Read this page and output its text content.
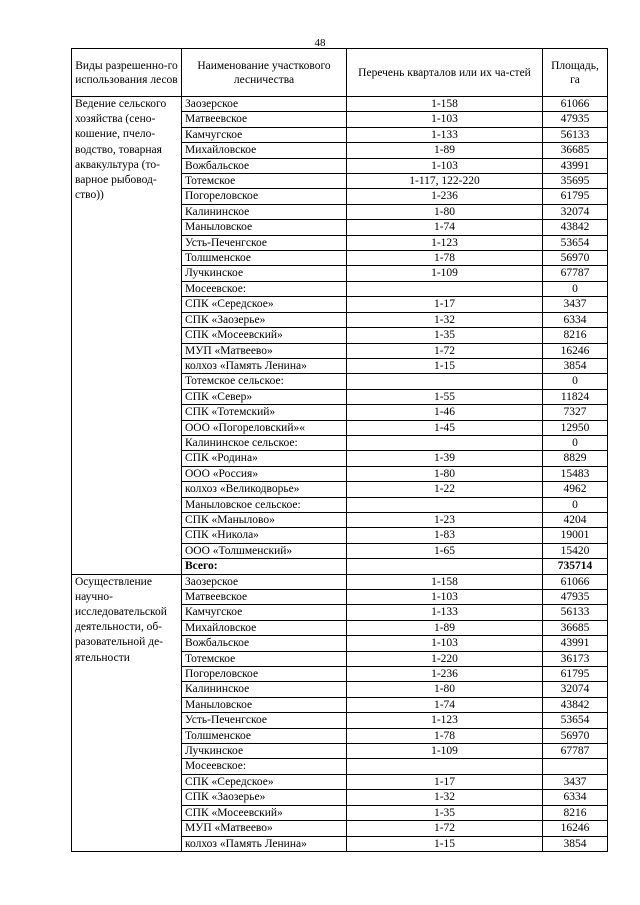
48
Виды разрешенно-го использования лесов	Наименование участкового лесничества	Перечень кварталов или их ча-стей	Площадь, га
Ведение сельского хозяйства (сено-кошение, пчело-водство, товарная аквакультура (то-варное рыбовод-ство))	Заозерское	1-158	61066
	Матвеевское	1-103	47935
	Камчугское	1-133	56133
	Михайловское	1-89	36685
	Вожбальское	1-103	43991
	Тотемское	1-117, 122-220	35695
	Погореловское	1-236	61795
	Калининское	1-80	32074
	Маныловское	1-74	43842
	Усть-Печенгское	1-123	53654
	Толшменское	1-78	56970
	Лучкинское	1-109	67787
	Мосеевское:		0
	СПК «Середское»	1-17	3437
	СПК «Заозерье»	1-32	6334
	СПК «Мосеевский»	1-35	8216
	МУП «Матвеево»	1-72	16246
	колхоз «Память Ленина»	1-15	3854
	Тотемское сельское:		0
	СПК «Север»	1-55	11824
	СПК «Тотемский»	1-46	7327
	ООО «Погореловский»«	1-45	12950
	Калининское сельское:		0
	СПК «Родина»	1-39	8829
	ООО «Россия»	1-80	15483
	колхоз «Великодворье»	1-22	4962
	Маныловское сельское:		0
	СПК «Манылово»	1-23	4204
	СПК «Никола»	1-83	19001
	ООО «Толшменский»	1-65	15420
	Всего:		735714
Осуществление научно-исследовательской деятельности, об-разовательной де-ятельности	Заозерское	1-158	61066
	Матвеевское	1-103	47935
	Камчугское	1-133	56133
	Михайловское	1-89	36685
	Вожбальское	1-103	43991
	Тотемское	1-220	36173
	Погореловское	1-236	61795
	Калининское	1-80	32074
	Маныловское	1-74	43842
	Усть-Печенгское	1-123	53654
	Толшменское	1-78	56970
	Лучкинское	1-109	67787
	Мосеевское:		
	СПК «Середское»	1-17	3437
	СПК «Заозерье»	1-32	6334
	СПК «Мосеевский»	1-35	8216
	МУП «Матвеево»	1-72	16246
	колхоз «Память Ленина»	1-15	3854
